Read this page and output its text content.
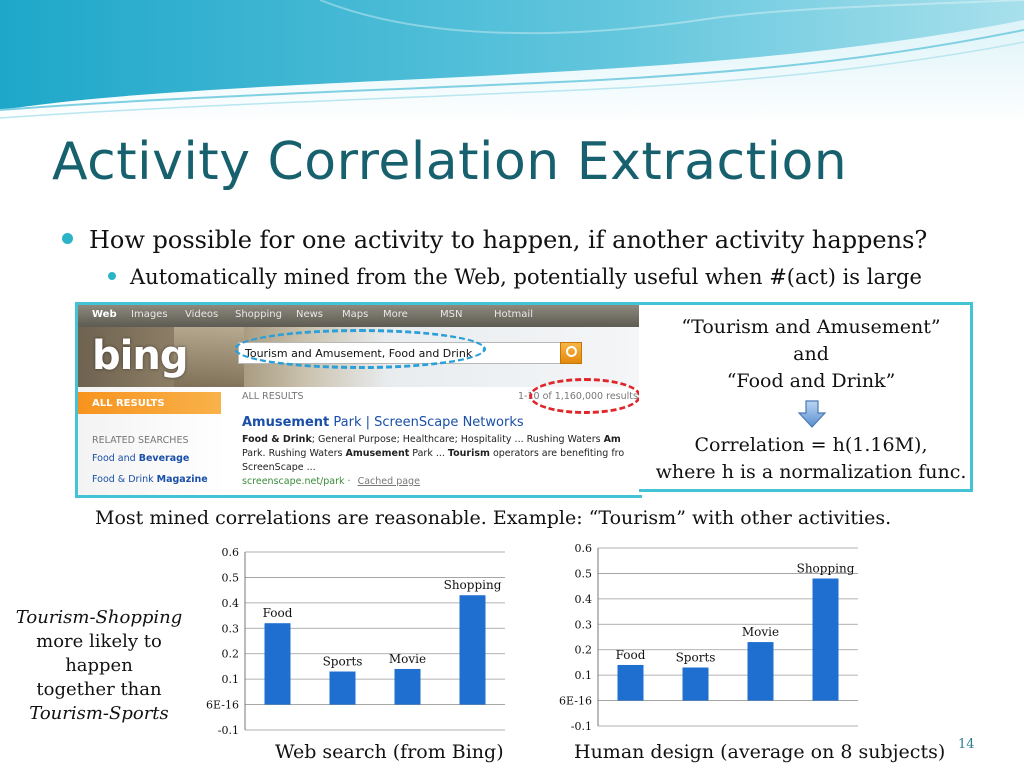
Activity Correlation Extraction
How possible for one activity to happen, if another activity happens?
Automatically mined from the Web, potentially useful when #(act) is large
Web Images Videos Shopping News Maps More	MSN	Hotmail
bing	Tourism and Amusement, Food and Drink
ALL RESULTS
RELATED SEARCHES
Food and Beverage
Food & Drink Magazine
ALL RESULTS	1-10 of 1,160,000 results
Amusement Park | ScreenScape Networks
Food & Drink; General Purpose; Healthcare; Hospitality ... Rushing Waters Am
Park. Rushing Waters Amusement Park ... Tourism operators are benefiting fro
ScreenScape ...
screenscape.net/park · Cached page
“Tourism and Amusement”
and
“Food and Drink”
Correlation = h(1.16M),
where h is a normalization func.
Most mined correlations are reasonable. Example: “Tourism” with other activities.
Tourism-Shopping
more likely to happen
together than
Tourism-Sports
-0.1
6E-16
0.1
0.2
0.3
0.4
0.5
0.6
Food
Sports Movie
Shopping
-0.1
6E-16
0.1
0.2
0.3
0.4
0.5
0.6
Food	Sports
Movie
Shopping
Web search (from Bing)	Human design (average on 8 subjects) 14
